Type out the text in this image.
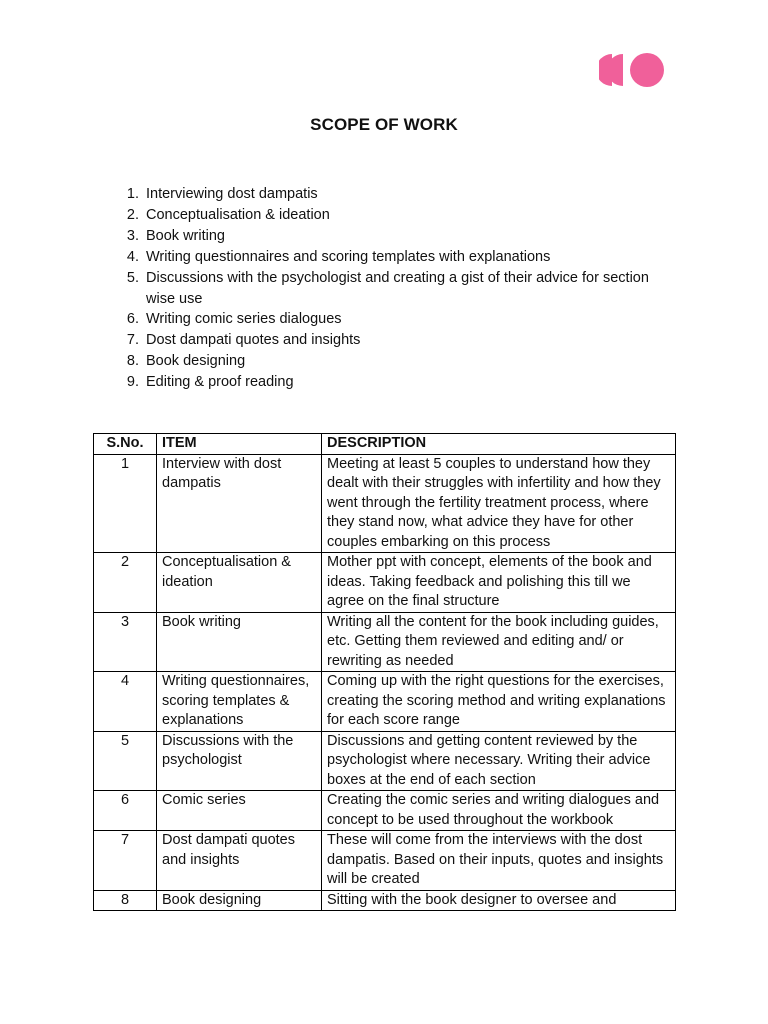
SCOPE OF WORK
1. Interviewing dost dampatis
2. Conceptualisation & ideation
3. Book writing
4. Writing questionnaires and scoring templates with explanations
5. Discussions with the psychologist and creating a gist of their advice for section wise use
6. Writing comic series dialogues
7. Dost dampati quotes and insights
8. Book designing
9. Editing & proof reading
S.No.	ITEM	DESCRIPTION
1	Interview with dost dampatis	Meeting at least 5 couples to understand how they dealt with their struggles with infertility and how they went through the fertility treatment process, where they stand now, what advice they have for other couples embarking on this process
2	Conceptualisation & ideation	Mother ppt with concept, elements of the book and ideas. Taking feedback and polishing this till we agree on the final structure
3	Book writing	Writing all the content for the book including guides, etc. Getting them reviewed and editing and/ or rewriting as needed
4	Writing questionnaires, scoring templates & explanations	Coming up with the right questions for the exercises, creating the scoring method and writing explanations for each score range
5	Discussions with the psychologist	Discussions and getting content reviewed by the psychologist where necessary. Writing their advice boxes at the end of each section
6	Comic series	Creating the comic series and writing dialogues and concept to be used throughout the workbook
7	Dost dampati quotes and insights	These will come from the interviews with the dost dampatis. Based on their inputs, quotes and insights will be created
8	Book designing	Sitting with the book designer to oversee and
